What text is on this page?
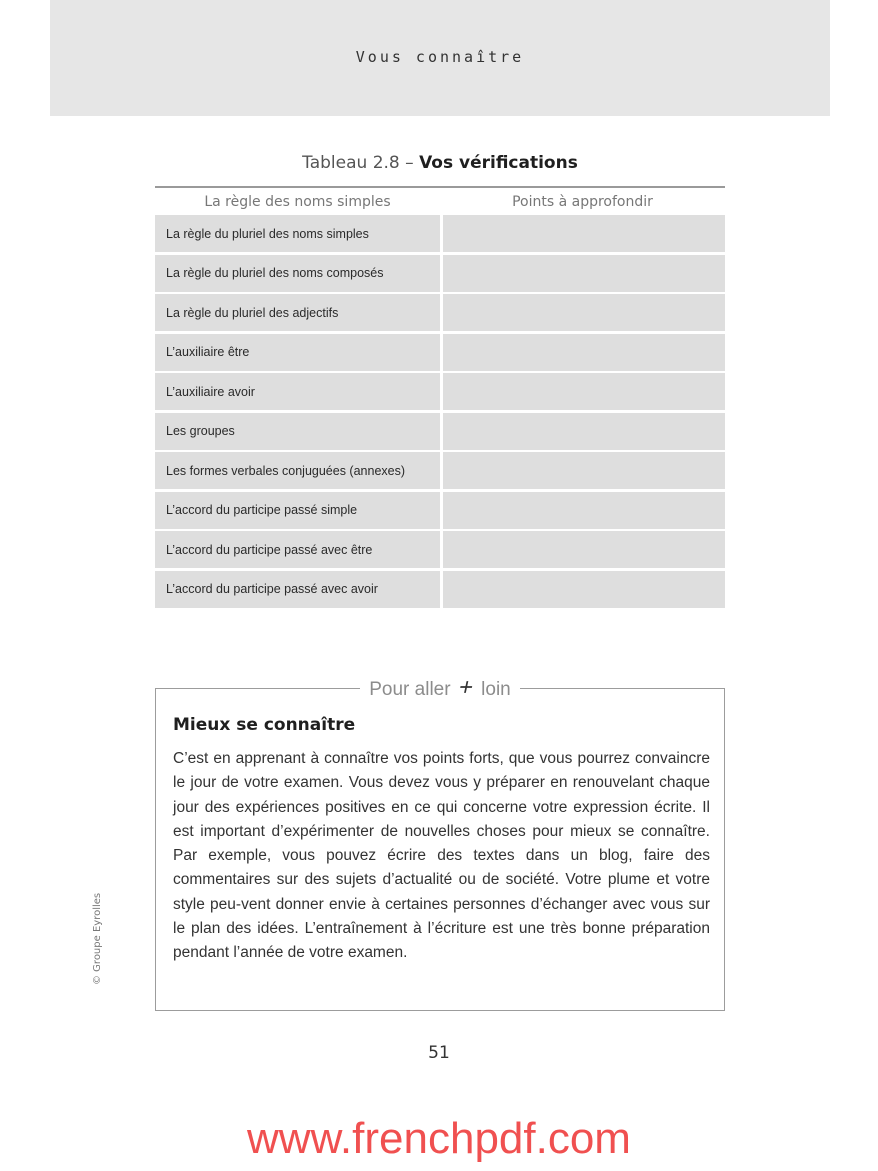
Vous connaître
Tableau 2.8 – Vos vérifications
La règle des noms simples	Points à approfondir
La règle du pluriel des noms simples
La règle du pluriel des noms composés
La règle du pluriel des adjectifs
L’auxiliaire être
L’auxiliaire avoir
Les groupes
Les formes verbales conjuguées (annexes)
L’accord du participe passé simple
L’accord du participe passé avec être
L’accord du participe passé avec avoir
Pour aller + loin
Mieux se connaître
C’est en apprenant à connaître vos points forts, que vous pourrez convaincre le jour de votre examen. Vous devez vous y préparer en renouvelant chaque jour des expériences positives en ce qui concerne votre expression écrite. Il est important d’expérimenter de nouvelles choses pour mieux se connaître. Par exemple, vous pouvez écrire des textes dans un blog, faire des commentaires sur des sujets d’actualité ou de société. Votre plume et votre style peu-vent donner envie à certaines personnes d’échanger avec vous sur le plan des idées. L’entraînement à l’écriture est une très bonne préparation pendant l’année de votre examen.
© Groupe Eyrolles
51
www.frenchpdf.com
